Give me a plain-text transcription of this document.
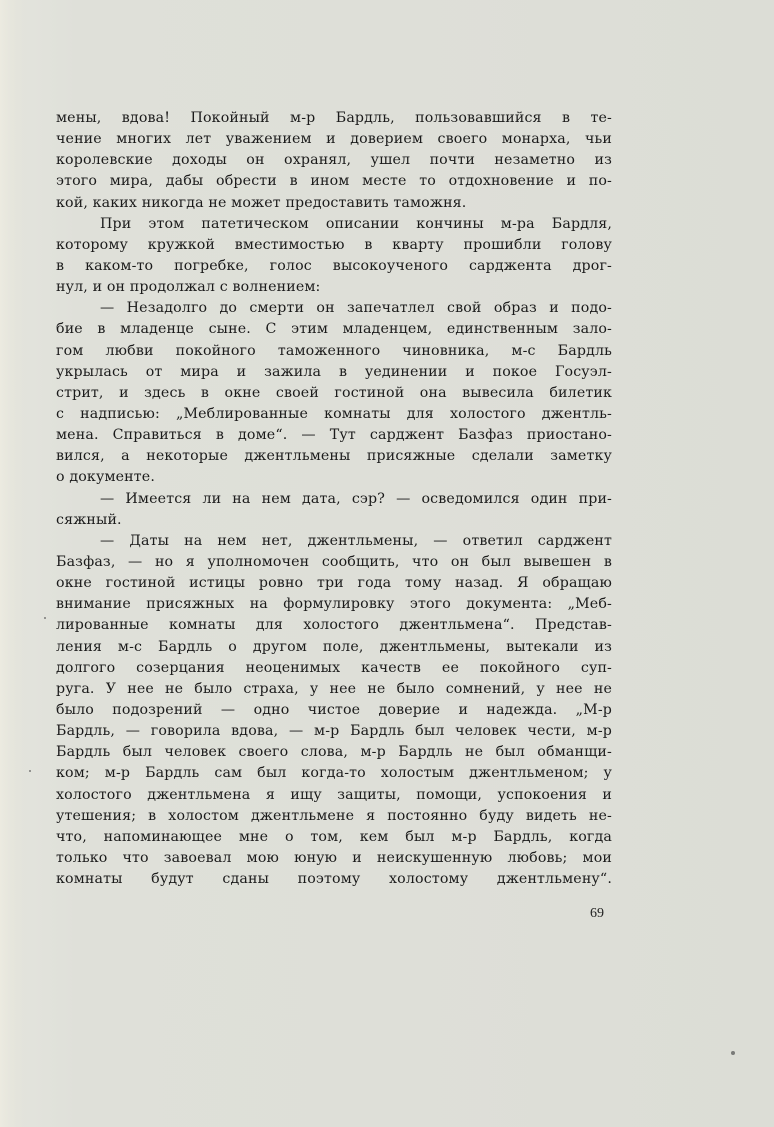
мены, вдова! Покойный м-р Бардль, пользовавшийся в те-
чение многих лет уважением и доверием своего монарха, чьи
королевские доходы он охранял, ушел почти незаметно из
этого мира, дабы обрести в ином месте то отдохновение и по-
кой, каких никогда не может предоставить таможня.
При этом патетическом описании кончины м-ра Бардля,
которому кружкой вместимостью в кварту прошибли голову
в каком-то погребке, голос высокоученого сарджента дрог-
нул, и он продолжал с волнением:
— Незадолго до смерти он запечатлел свой образ и подо-
бие в младенце сыне. С этим младенцем, единственным зало-
гом любви покойного таможенного чиновника, м-с Бардль
укрылась от мира и зажила в уединении и покое Госуэл-
стрит, и здесь в окне своей гостиной она вывесила билетик
с надписью: „Меблированные комнаты для холостого джентль-
мена. Справиться в доме“. — Тут сарджент Базфаз приостано-
вился, а некоторые джентльмены присяжные сделали заметку
о документе.
— Имеется ли на нем дата, сэр? — осведомился один при-
сяжный.
— Даты на нем нет, джентльмены, — ответил сарджент
Базфаз, — но я уполномочен сообщить, что он был вывешен в
окне гостиной истицы ровно три года тому назад. Я обращаю
внимание присяжных на формулировку этого документа: „Меб-
лированные комнаты для холостого джентльмена“. Представ-
ления м-с Бардль о другом поле, джентльмены, вытекали из
долгого созерцания неоценимых качеств ее покойного суп-
руга. У нее не было страха, у нее не было сомнений, у нее не
было подозрений — одно чистое доверие и надежда. „М-р
Бардль, — говорила вдова, — м-р Бардль был человек чести, м-р
Бардль был человек своего слова, м-р Бардль не был обманщи-
ком; м-р Бардль сам был когда-то холостым джентльменом; у
холостого джентльмена я ищу защиты, помощи, успокоения и
утешения; в холостом джентльмене я постоянно буду видеть не-
что, напоминающее мне о том, кем был м-р Бардль, когда
только что завоевал мою юную и неискушенную любовь; мои
комнаты будут сданы поэтому холостому джентльмену“.
69
